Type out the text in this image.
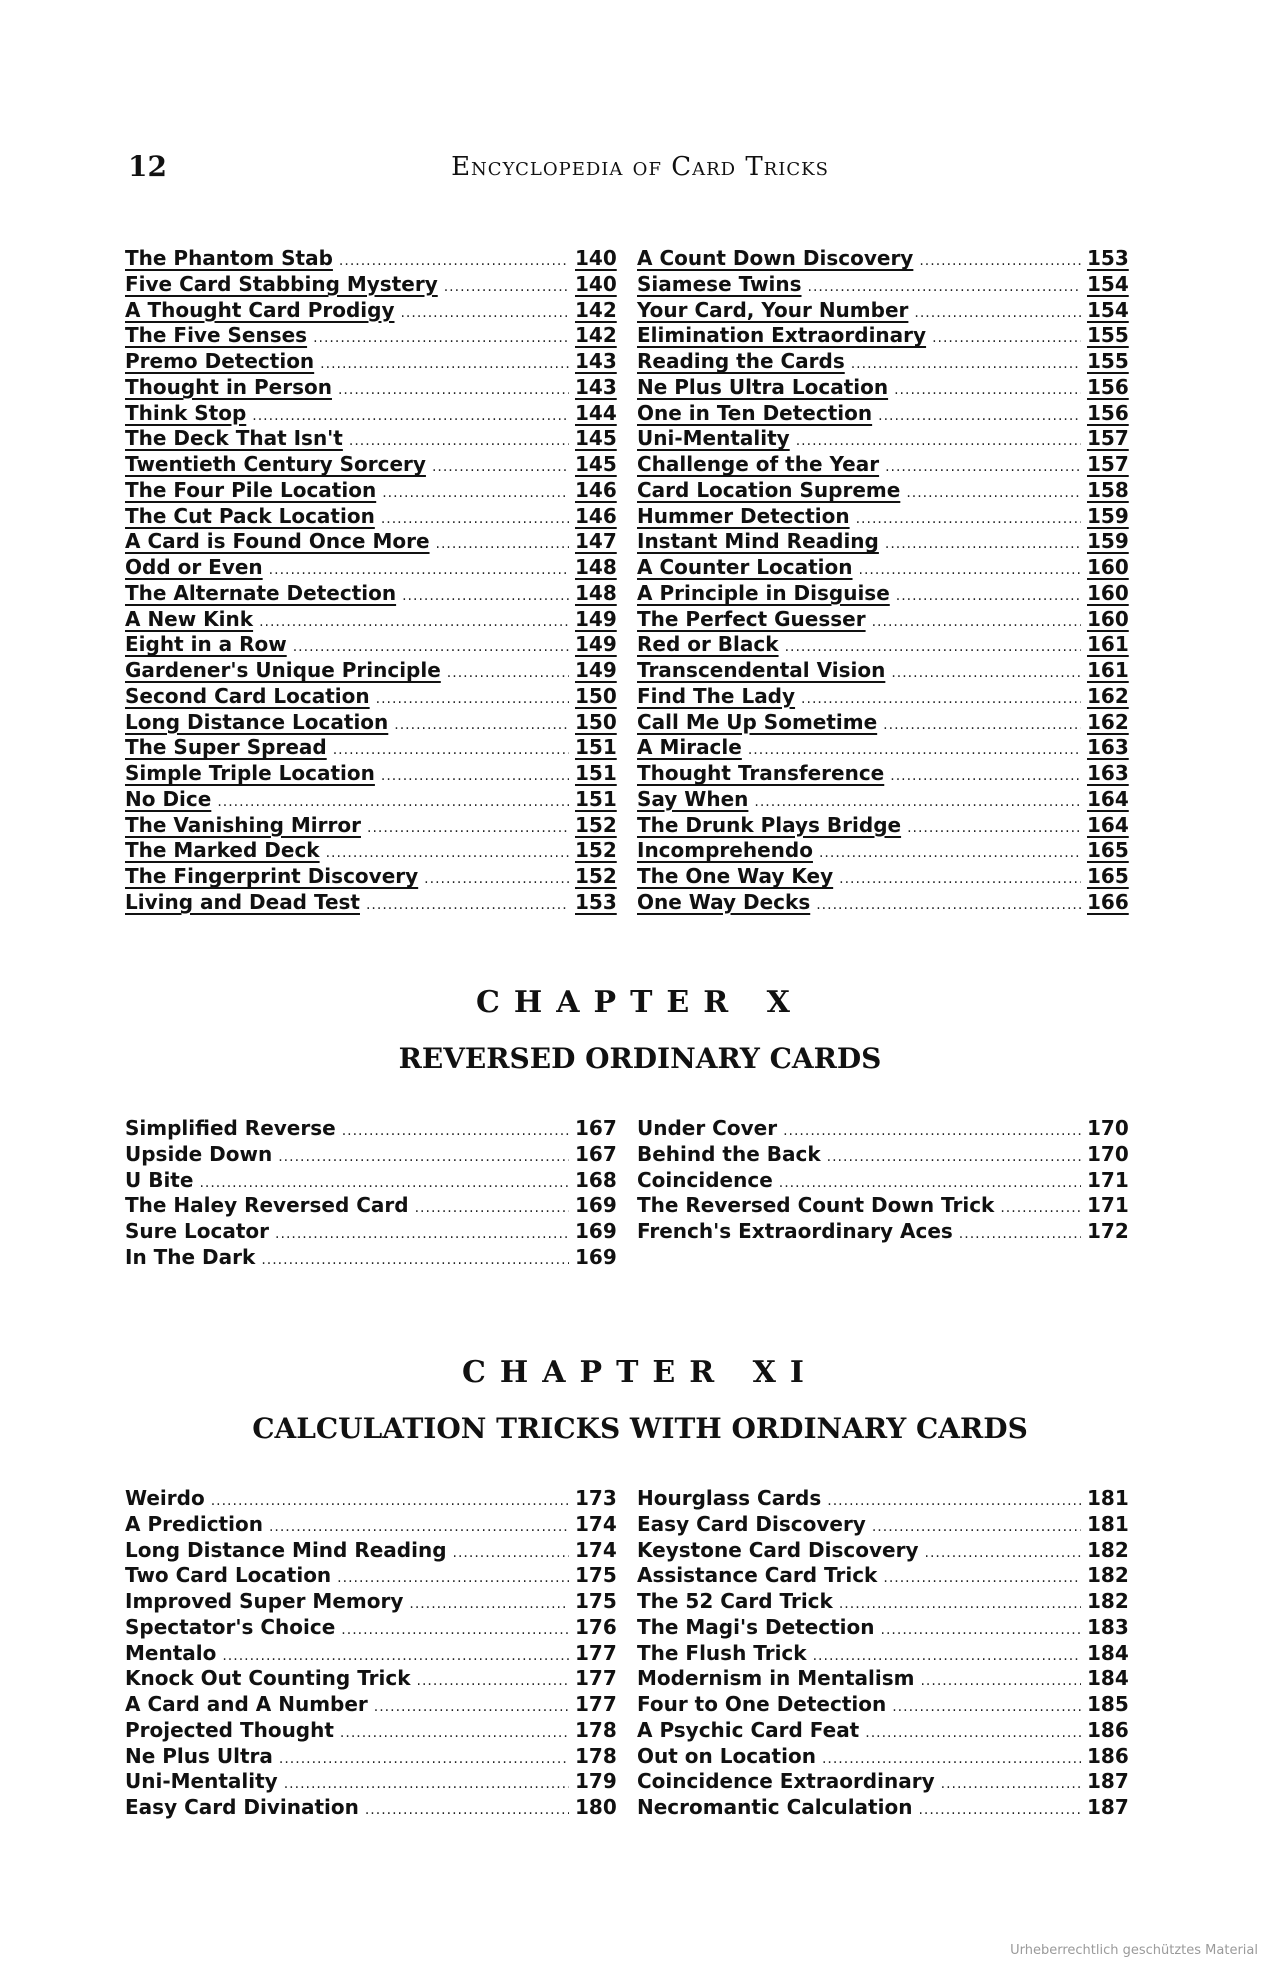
12	Encyclopedia of Card Tricks
The Phantom Stab .....	140
Five Card Stabbing Mystery .....	140
A Thought Card Prodigy .....	142
The Five Senses .....	142
Premo Detection .....	143
Thought in Person .....	143
Think Stop .....	144
The Deck That Isn't .....	145
Twentieth Century Sorcery .....	145
The Four Pile Location .....	146
The Cut Pack Location .....	146
A Card is Found Once More .....	147
Odd or Even .....	148
The Alternate Detection .....	148
A New Kink .....	149
Eight in a Row .....	149
Gardener's Unique Principle .....	149
Second Card Location .....	150
Long Distance Location .....	150
The Super Spread .....	151
Simple Triple Location .....	151
No Dice .....	151
The Vanishing Mirror .....	152
The Marked Deck .....	152
The Fingerprint Discovery .....	152
Living and Dead Test .....	153
A Count Down Discovery .....	153
Siamese Twins .....	154
Your Card, Your Number .....	154
Elimination Extraordinary .....	155
Reading the Cards .....	155
Ne Plus Ultra Location .....	156
One in Ten Detection .....	156
Uni-Mentality .....	157
Challenge of the Year .....	157
Card Location Supreme .....	158
Hummer Detection .....	159
Instant Mind Reading .....	159
A Counter Location .....	160
A Principle in Disguise .....	160
The Perfect Guesser .....	160
Red or Black .....	161
Transcendental Vision .....	161
Find The Lady .....	162
Call Me Up Sometime .....	162
A Miracle .....	163
Thought Transference .....	163
Say When .....	164
The Drunk Plays Bridge .....	164
Incomprehendo .....	165
The One Way Key .....	165
One Way Decks .....	166
CHAPTER X
REVERSED ORDINARY CARDS
Simplified Reverse .....	167
Upside Down .....	167
U Bite .....	168
The Haley Reversed Card .....	169
Sure Locator .....	169
In The Dark .....	169
Under Cover .....	170
Behind the Back .....	170
Coincidence .....	171
The Reversed Count Down Trick .....	171
French's Extraordinary Aces .....	172
CHAPTER XI
CALCULATION TRICKS WITH ORDINARY CARDS
Weirdo .....	173
A Prediction .....	174
Long Distance Mind Reading .....	174
Two Card Location .....	175
Improved Super Memory .....	175
Spectator's Choice .....	176
Mentalo .....	177
Knock Out Counting Trick .....	177
A Card and A Number .....	177
Projected Thought .....	178
Ne Plus Ultra .....	178
Uni-Mentality .....	179
Easy Card Divination .....	180
Hourglass Cards .....	181
Easy Card Discovery .....	181
Keystone Card Discovery .....	182
Assistance Card Trick .....	182
The 52 Card Trick .....	182
The Magi's Detection .....	183
The Flush Trick .....	184
Modernism in Mentalism .....	184
Four to One Detection .....	185
A Psychic Card Feat .....	186
Out on Location .....	186
Coincidence Extraordinary .....	187
Necromantic Calculation .....	187
Urheberrechtlich geschütztes Material
